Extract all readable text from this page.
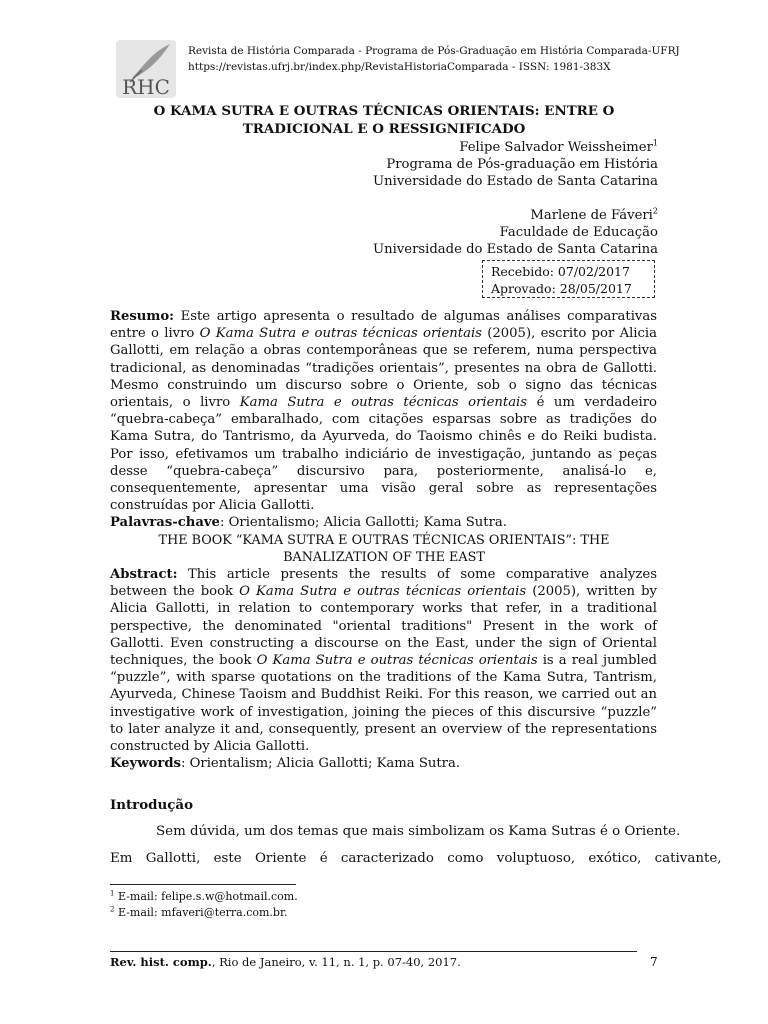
RHC
Revista de História Comparada - Programa de Pós-Graduação em História Comparada-UFRJ
https://revistas.ufrj.br/index.php/RevistaHistoriaComparada - ISSN: 1981-383X
O KAMA SUTRA E OUTRAS TÉCNICAS ORIENTAIS: ENTRE O TRADICIONAL E O RESSIGNIFICADO
Felipe Salvador Weissheimer$^1$
Programa de Pós-graduação em História
Universidade do Estado de Santa Catarina
Marlene de Fáveri$^2$
Faculdade de Educação
Universidade do Estado de Santa Catarina
Recebido: 07/02/2017
Aprovado: 28/05/2017
Resumo: Este artigo apresenta o resultado de algumas análises comparativas entre o livro O Kama Sutra e outras técnicas orientais (2005), escrito por Alicia Gallotti, em relação a obras contemporâneas que se referem, numa perspectiva tradicional, as denominadas “tradições orientais”, presentes na obra de Gallotti. Mesmo construindo um discurso sobre o Oriente, sob o signo das técnicas orientais, o livro Kama Sutra e outras técnicas orientais é um verdadeiro “quebra-cabeça” embaralhado, com citações esparsas sobre as tradições do Kama Sutra, do Tantrismo, da Ayurveda, do Taoismo chinês e do Reiki budista. Por isso, efetivamos um trabalho indiciário de investigação, juntando as peças desse “quebra-cabeça” discursivo para, posteriormente, analisá-lo e, consequentemente, apresentar uma visão geral sobre as representações construídas por Alicia Gallotti.
Palavras-chave: Orientalismo; Alicia Gallotti; Kama Sutra.
THE BOOK “KAMA SUTRA E OUTRAS TÉCNICAS ORIENTAIS”: THE BANALIZATION OF THE EAST
Abstract: This article presents the results of some comparative analyzes between the book O Kama Sutra e outras técnicas orientais (2005), written by Alicia Gallotti, in relation to contemporary works that refer, in a traditional perspective, the denominated "oriental traditions" Present in the work of Gallotti. Even constructing a discourse on the East, under the sign of Oriental techniques, the book O Kama Sutra e outras técnicas orientais is a real jumbled “puzzle”, with sparse quotations on the traditions of the Kama Sutra, Tantrism, Ayurveda, Chinese Taoism and Buddhist Reiki. For this reason, we carried out an investigative work of investigation, joining the pieces of this discursive “puzzle” to later analyze it and, consequently, present an overview of the representations constructed by Alicia Gallotti.
Keywords: Orientalism; Alicia Gallotti; Kama Sutra.
Introdução
Sem dúvida, um dos temas que mais simbolizam os Kama Sutras é o Oriente.
Em Gallotti, este Oriente é caracterizado como voluptuoso, exótico, cativante,
$^1$ E-mail: felipe.s.w@hotmail.com.
$^2$ E-mail: mfaveri@terra.com.br.
Rev. hist. comp., Rio de Janeiro, v. 11, n. 1, p. 07-40, 2017.	7
